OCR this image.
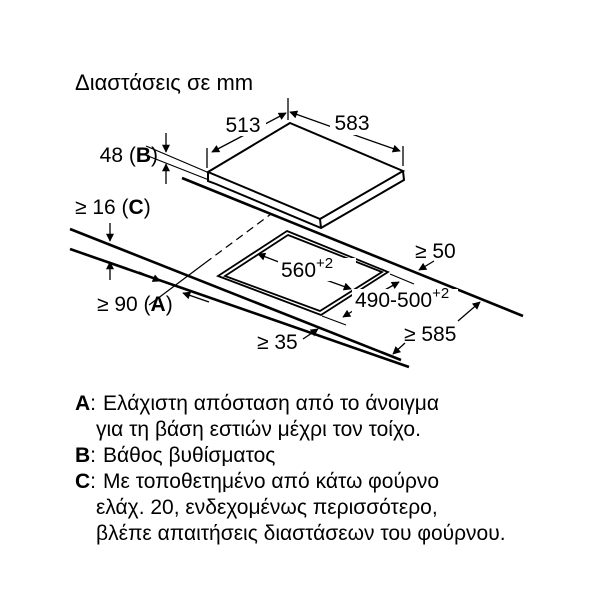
Διαστάσεις σε mm
513	583
48 (B)
≥ 16 (C)
≥ 90 (A)
≥ 50
$560^{+2}$
$490-500^{+2}$
≥ 585
≥ 35
A: Ελάχιστη απόσταση από το άνοιγμα
για τη βάση εστιών μέχρι τον τοίχο.
B: Βάθος βυθίσματος
C: Με τοποθετημένο από κάτω φούρνο
ελάχ. 20, ενδεχομένως περισσότερο,
βλέπε απαιτήσεις διαστάσεων του φούρνου.
